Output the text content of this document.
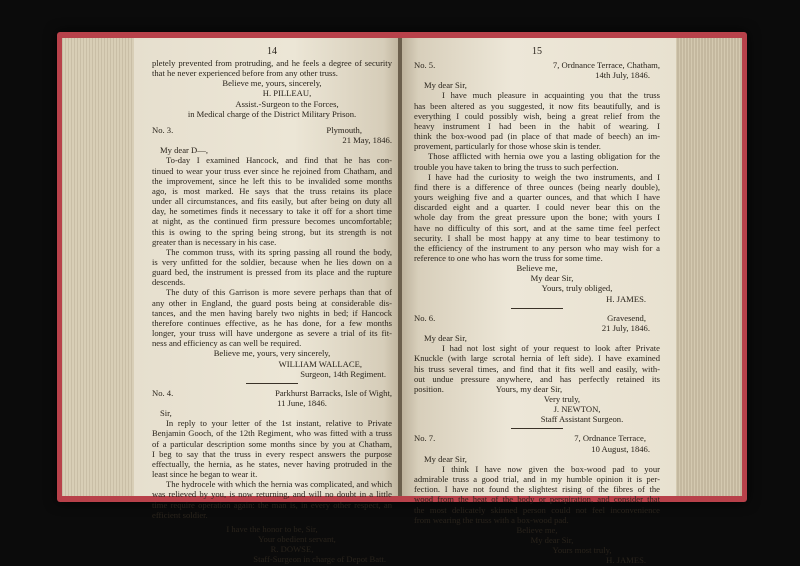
14
pletely prevented from protruding, and he feels a degree of security
that he never experienced before from any other truss.
Believe me, yours, sincerely,
H. PILLEAU,
Assist.-Surgeon to the Forces,
in Medical charge of the District Military Prison.
No. 3.	Plymouth,
21 May, 1846.
My dear D—,
To-day I examined Hancock, and find that he has con-
tinued to wear your truss ever since he rejoined from Chatham, and
the improvement, since he left this to be invalided some months
ago, is most marked. He says that the truss retains its place
under all circumstances, and fits easily, but after being on duty all
day, he sometimes finds it necessary to take it off for a short time
at night, as the continued firm pressure becomes uncomfortable;
this is owing to the spring being strong, but its strength is not
greater than is necessary in his case.
The common truss, with its spring passing all round the body,
is very unfitted for the soldier, because when he lies down on a
guard bed, the instrument is pressed from its place and the rupture
descends.
The duty of this Garrison is more severe perhaps than that of
any other in England, the guard posts being at considerable dis-
tances, and the men having barely two nights in bed; if Hancock
therefore continues effective, as he has done, for a few months
longer, your truss will have undergone as severe a trial of its fit-
ness and efficiency as can well be required.
Believe me, yours, very sincerely,
WILLIAM WALLACE,
Surgeon, 14th Regiment.
No. 4.	Parkhurst Barracks, Isle of Wight,
11 June, 1846.
Sir,
In reply to your letter of the 1st instant, relative to Private
Benjamin Gooch, of the 12th Regiment, who was fitted with a truss
of a particular description some months since by you at Chatham,
I beg to say that the truss in every respect answers the purpose
effectually, the hernia, as he states, never having protruded in the
least since he began to wear it.
The hydrocele with which the hernia was complicated, and which
was relieved by you, is now returning, and will no doubt in a little
time require operation again: the man is, in every other respect, an
efficient soldier.
I have the honor to be, Sir,
Your obedient servant,
R. DOWSE,
Staff-Surgeon in charge of Depot Batt.
15
No. 5.	7, Ordnance Terrace, Chatham,
14th July, 1846.
My dear Sir,
I have much pleasure in acquainting you that the truss
has been altered as you suggested, it now fits beautifully, and is
everything I could possibly wish, being a great relief from the
heavy instrument I had been in the habit of wearing. I
think the box-wood pad (in place of that made of beech) an im-
provement, particularly for those whose skin is tender.
Those afflicted with hernia owe you a lasting obligation for the
trouble you have taken to bring the truss to such perfection.
I have had the curiosity to weigh the two instruments, and I
find there is a difference of three ounces (being nearly double),
yours weighing five and a quarter ounces, and that which I have
discarded eight and a quarter. I could never bear this on the
whole day from the great pressure upon the bone; with yours I
have no difficulty of this sort, and at the same time feel perfect
security. I shall be most happy at any time to bear testimony to
the efficiency of the instrument to any person who may wish for a
reference to one who has worn the truss for some time.
Believe me,
My dear Sir,
Yours, truly obliged,
H. JAMES.
No. 6.	Gravesend,
21 July, 1846.
My dear Sir,
I had not lost sight of your request to look after Private
Knuckle (with large scrotal hernia of left side). I have examined
his truss several times, and find that it fits well and easily, with-
out undue pressure anywhere, and has perfectly retained its
position.	Yours, my dear Sir,
Very truly,
J. NEWTON,
Staff Assistant Surgeon.
No. 7.	7, Ordnance Terrace,
10 August, 1846.
My dear Sir,
I think I have now given the box-wood pad to your
admirable truss a good trial, and in my humble opinion it is per-
fection. I have not found the slightest rising of the fibres of the
wood from the heat of the body or perspiration, and consider that
the most delicately skinned person could not feel inconvenience
from wearing the truss with a box-wood pad.
Believe me,
My dear Sir,
Yours most truly,
H. JAMES.
